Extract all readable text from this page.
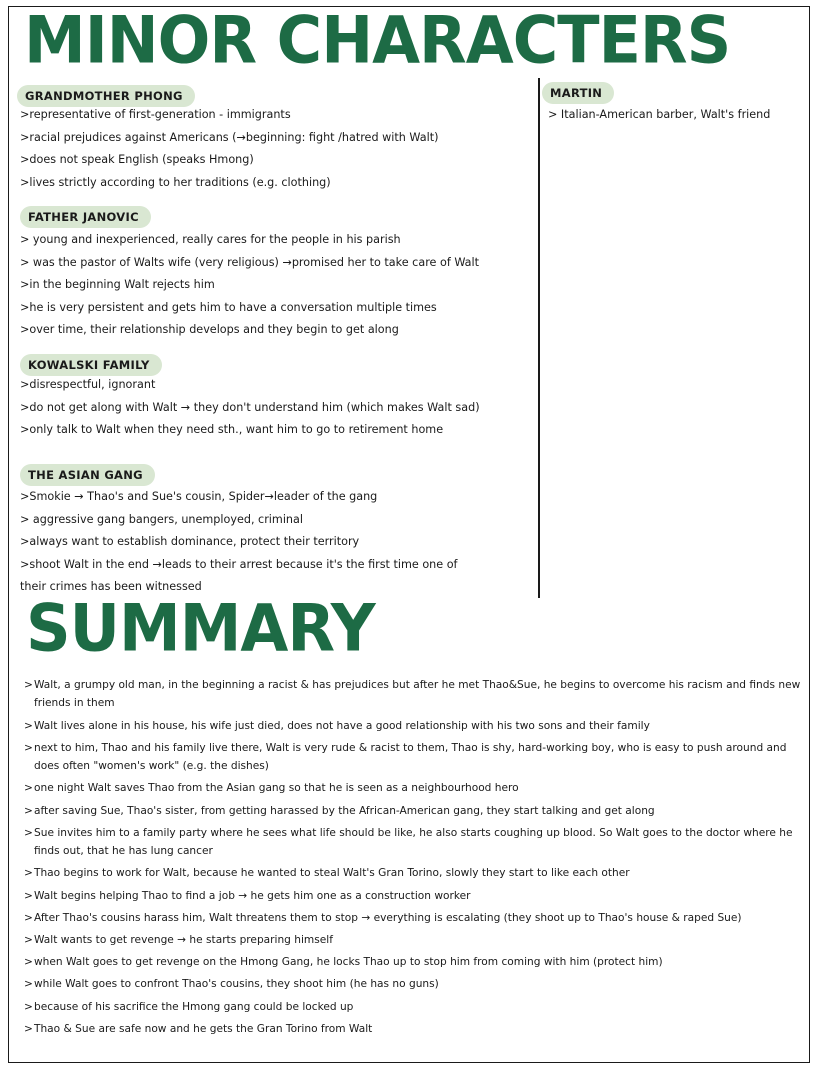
MINOR CHARACTERS
GRANDMOTHER PHONG
>representative of first-generation - immigrants
>racial prejudices against Americans (→beginning: fight /hatred with Walt)
>does not speak English (speaks Hmong)
>lives strictly according to her traditions (e.g. clothing)
FATHER JANOVIC
> young and inexperienced, really cares for the people in his parish
> was the pastor of Walts wife (very religious) →promised her to take care of Walt
>in the beginning Walt rejects him
>he is very persistent and gets him to have a conversation multiple times
>over time, their relationship develops and they begin to get along
KOWALSKI FAMILY
>disrespectful, ignorant
>do not get along with Walt → they don't understand him (which makes Walt sad)
>only talk to Walt when they need sth., want him to go to retirement home
THE ASIAN GANG
>Smokie → Thao's and Sue's cousin, Spider→leader of the gang
> aggressive gang bangers, unemployed, criminal
>always want to establish dominance, protect their territory
>shoot Walt in the end →leads to their arrest because it's the first time one of
their crimes has been witnessed
MARTIN
> Italian-American barber, Walt's friend
SUMMARY
> Walt, a grumpy old man, in the beginning a racist & has prejudices but after he met Thao&Sue, he begins to overcome his racism and finds new friends in them
> Walt lives alone in his house, his wife just died, does not have a good relationship with his two sons and their family
> next to him, Thao and his family live there, Walt is very rude & racist to them, Thao is shy, hard-working boy, who is easy to push around and does often "women's work" (e.g. the dishes)
> one night Walt saves Thao from the Asian gang so that he is seen as a neighbourhood hero
> after saving Sue, Thao's sister, from getting harassed by the African-American gang, they start talking and get along
> Sue invites him to a family party where he sees what life should be like, he also starts coughing up blood. So Walt goes to the doctor where he finds out, that he has lung cancer
> Thao begins to work for Walt, because he wanted to steal Walt's Gran Torino, slowly they start to like each other
> Walt begins helping Thao to find a job → he gets him one as a construction worker
> After Thao's cousins harass him, Walt threatens them to stop → everything is escalating (they shoot up to Thao's house & raped Sue)
> Walt wants to get revenge → he starts preparing himself
> when Walt goes to get revenge on the Hmong Gang, he locks Thao up to stop him from coming with him (protect him)
> while Walt goes to confront Thao's cousins, they shoot him (he has no guns)
> because of his sacrifice the Hmong gang could be locked up
> Thao & Sue are safe now and he gets the Gran Torino from Walt
